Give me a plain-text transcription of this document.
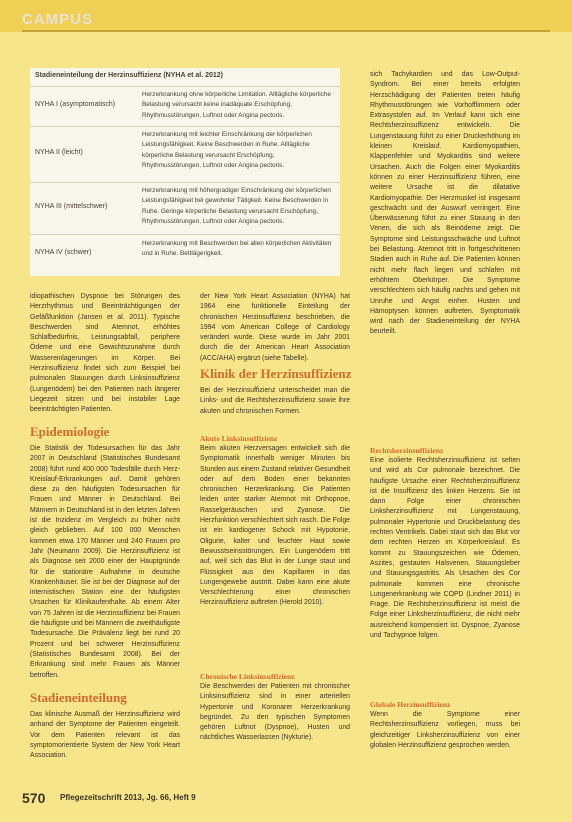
CAMPUS
Stadieneinteilung der Herzinsuffizienz (NYHA et al. 2012)
NYHA I (asymptomatisch)
Herzerkrankung ohne körperliche Limitation. Alltägliche körperliche Belastung verursacht keine inadäquate Erschöpfung, Rhythmusstörungen, Luftnot oder Angina pectoris.
NYHA II (leicht)
Herzerkrankung mit leichter Einschränkung der körperlichen Leistungsfähigkeit. Keine Beschwerden in Ruhe. Alltägliche körperliche Belastung verursacht Erschöpfung, Rhythmusstörungen, Luftnot oder Angina pectoris.
NYHA III (mittelschwer)
Herzerkrankung mit höhergradiger Einschränkung der körperlichen Leistungsfähigkeit bei gewohnter Tätigkeit. Keine Beschwerden in Ruhe. Geringe körperliche Belastung verursacht Erschöpfung, Rhythmusstörungen, Luftnot oder Angina pectoris.
NYHA IV (schwer)
Herzerkrankung mit Beschwerden bei allen körperlichen Aktivitäten und in Ruhe. Bettlägerigkeit.

idiopathischen Dyspnoe bei Störungen des Herzrhythmus und Beeinträchtigungen der Gefäßfunktion (Jansen et al. 2011). Typische Beschwerden sind Atemnot, erhöhtes Schlafbedürfnis, Leistungsabfall, periphere Ödeme und eine Gewichtszunahme durch Wassereinlagerungen im Körper. Bei Herzinsuffizienz findet sich zum Beispiel bei pulmonalen Stauungen durch Linksinsuffizienz (Lungenödem) bei den Patienten nach längerer Liegezeit sitzen und bei instabiler Lage beeinträchtigten Patienten.

Epidemiologie

Die Statistik der Todesursachen für das Jahr 2007 in Deutschland (Statistisches Bundesamt 2008) führt rund 400 000 Todesfälle durch Herz-Kreislauf-Erkrankungen auf. Damit gehören diese zu den häufigsten Todesursachen für Frauen und Männer in Deutschland. Bei Männern in Deutschland ist in den letzten Jahren ist die Inzidenz im Vergleich zu früher nicht gleich geblieben. Auf 100 000 Menschen kommen etwa 170 Männer und 240 Frauen pro Jahr (Neumann 2009). Die Herzinsuffizienz ist als Diagnose seit 2000 einer der Hauptgründe für die stationäre Aufnahme in deutsche Krankenhäuser. Sie ist bei der Diagnose auf der internistischen Station eine der häufigsten Ursachen für Klinikaufenthalte. Ab einem Alter von 75 Jahren ist die Herzinsuffizienz bei Frauen die häufigste und bei Männern die zweithäufigste Todesursache. Die Prävalenz liegt bei rund 20 Prozent und bei schwerer Herzinsuffizienz (Statistisches Bundesamt 2008). Bei der Erkrankung sind mehr Frauen als Männer betroffen.

Stadieneinteilung

Das klinische Ausmaß der Herzinsuffizienz wird anhand der Symptome der Patienten eingeteilt. Vor dem Patienten relevant ist das symptomorientierte System der New York Heart Association.

der New York Heart Association (NYHA) hat 1964 eine funktionelle Einteilung der chronischen Herzinsuffizienz beschrieben, die 1994 vom American College of Cardiology verändert wurde. Diese wurde im Jahr 2001 durch die der American Heart Association (ACC/AHA) ergänzt (siehe Tabelle).

Klinik der Herzinsuffizienz

Bei der Herzinsuffizienz unterscheidet man die Links- und die Rechtsherzinsuffizienz sowie ihre akuten und chronischen Formen.

Akute Linksinsuffizienz

Beim akuten Herzversagen entwickelt sich die Symptomatik innerhalb weniger Minuten bis Stunden aus einem Zustand relativer Gesundheit oder auf dem Boden einer bekannten chronischen Herzerkrankung. Die Patienten leiden unter starker Atemnot mit Orthopnoe, Rasselgeräuschen und Zyanose. Die Herzfunktion verschlechtert sich rasch. Die Folge ist ein kardiogener Schock mit Hypotonie, Oligurie, kalter und feuchter Haut sowie Bewusstseinsstörungen. Ein Lungenödem tritt auf, weil sich das Blut in der Lunge staut und Flüssigkeit aus den Kapillaren in das Lungengewebe austritt. Dabei kann eine akute Verschlechterung einer chronischen Herzinsuffizienz auftreten (Herold 2010).

Chronische Linksinsuffizienz

Die Beschwerden der Patienten mit chronischer Linksinsuffizienz sind in einer arteriellen Hypertonie und Koronarer Herzerkrankung begründet. Zu den typischen Symptomen gehören Luftnot (Dyspnoe), Husten und nächtliches Wasserlassen (Nykturie).

sich Tachykardien und das Low-Output-Syndrom. Bei einer bereits erfolgten Herzschädigung der Patienten treten häufig Rhythmusstörungen wie Vorhofflimmern oder Extrasystolen auf. Im Verlauf kann sich eine Rechtsherzinsuffizienz entwickeln. Die Lungenstauung führt zu einer Druckerhöhung im kleinen Kreislauf. Kardiomyopathien, Klappenfehler und Myokarditis sind weitere Ursachen. Auch die Folgen einer Myokarditis können zu einer Herzinsuffizienz führen, eine weitere Ursache ist die dilatative Kardiomyopathie. Der Herzmuskel ist insgesamt geschwächt und der Auswurf verringert. Eine Überwässerung führt zu einer Stauung in den Venen, die sich als Beinödeme zeigt. Die Symptome sind Leistungsschwäche und Luftnot bei Belastung. Atemnot tritt in fortgeschrittenen Stadien auch in Ruhe auf. Die Patienten können nicht mehr flach liegen und schlafen mit erhöhtem Oberkörper. Die Symptome verschlechtern sich häufig nachts und gehen mit Unruhe und Angst einher. Husten und Hämoptysen können auftreten. Symptomatik wird nach der Stadieneinteilung der NYHA beurteilt.

Rechtsherzinsuffizienz

Eine isolierte Rechtsherzinsuffizienz ist selten und wird als Cor pulmonale bezeichnet. Die häufigste Ursache einer Rechtsherzinsuffizienz ist die Insuffizienz des linken Herzens. Sie ist dann Folge einer chronischen Linksherzinsuffizienz mit Lungenstauung, pulmonaler Hypertonie und Druckbelastung des rechten Ventrikels. Dabei staut sich das Blut vor dem rechten Herzen im Körperkreislauf. Es kommt zu Stauungszeichen wie Ödemen, Aszites, gestauten Halsvenen, Stauungsleber und Stauungsgastritis. Als Ursachen des Cor pulmonale kommen eine chronische Lungenerkrankung wie COPD (Lindner 2011) in Frage. Die Rechtsherzinsuffizienz ist meist die Folge einer Linksherzinsuffizienz, die nicht mehr ausreichend kompensiert ist. Dyspnoe, Zyanose und Tachypnoe folgen.

Globale Herzinsuffizienz

Wenn die Symptome einer Rechtsherzinsuffizienz vorliegen, muss bei gleichzeitiger Linksherzinsuffizienz von einer globalen Herzinsuffizienz gesprochen werden.

570 Pflegezeitschrift 2013, Jg. 66, Heft 9
